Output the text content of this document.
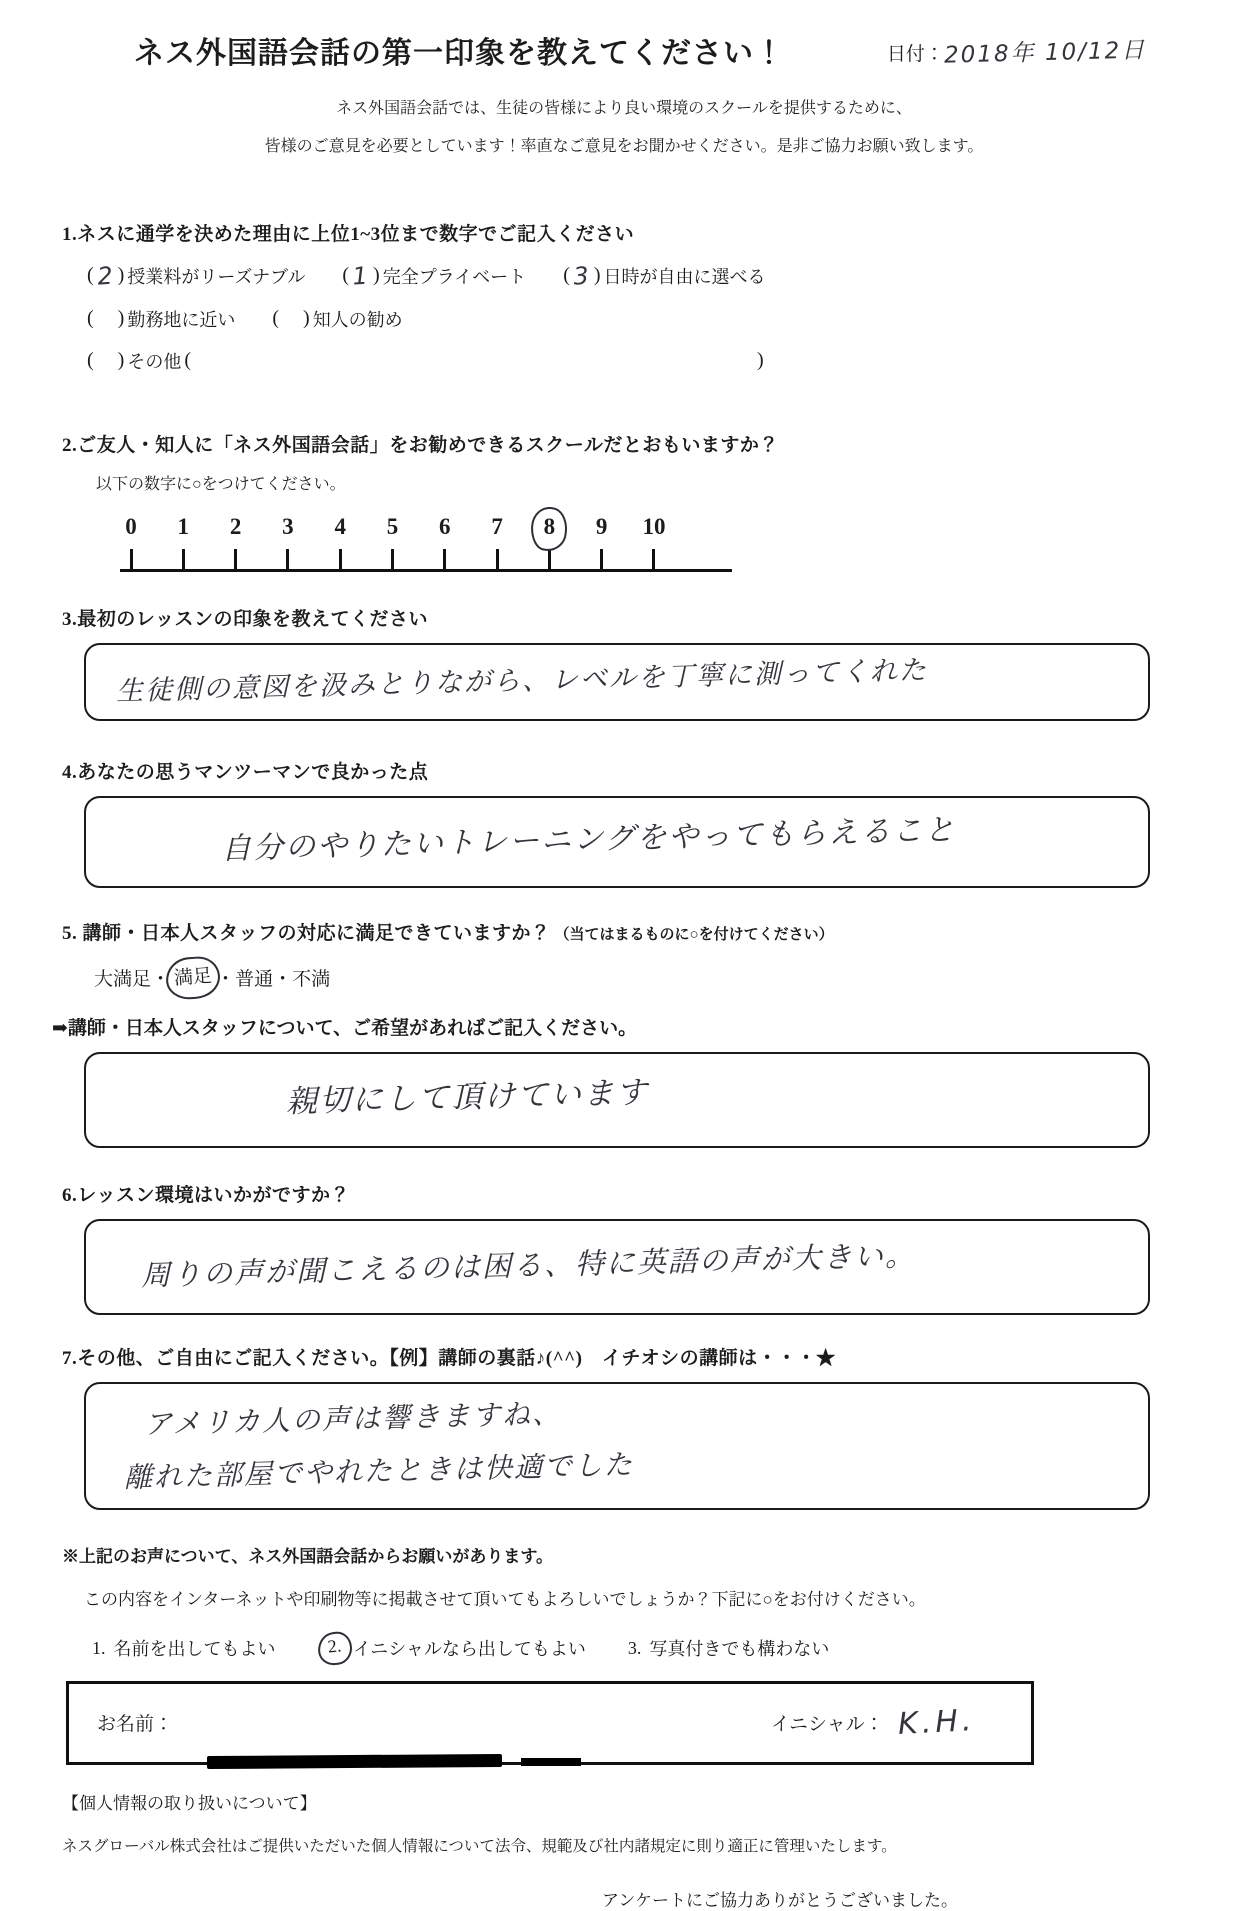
ネス外国語会話の第一印象を教えてください！	日付：2018年 10/12日
ネス外国語会話では、生徒の皆様により良い環境のスクールを提供するために、
皆様のご意見を必要としています！率直なご意見をお聞かせください。是非ご協力お願い致します。
1.ネスに通学を決めた理由に上位1~3位まで数字でご記入ください
( 2 ) 授業料がリーズナブル ( 1 ) 完全プライベート ( 3 ) 日時が自由に選べる
( ) 勤務地に近い ( ) 知人の勧め
( ) その他 (	)
2.ご友人・知人に「ネス外国語会話」をお勧めできるスクールだとおもいますか？
以下の数字に○をつけてください。
0 1 2 3 4 5 6 7 8 9 10
3.最初のレッスンの印象を教えてください
生徒側の意図を汲みとりながら、レベルを丁寧に測ってくれた
4.あなたの思うマンツーマンで良かった点
自分のやりたいトレーニングをやってもらえること
5. 講師・日本人スタッフの対応に満足できていますか？ （当てはまるものに○を付けてください）
大満足 ・ 満足 ・ 普通 ・ 不満
➡講師・日本人スタッフについて、ご希望があればご記入ください。
親切にして頂けています
6.レッスン環境はいかがですか？
周りの声が聞こえるのは困る、特に英語の声が大きい。
7.その他、ご自由にご記入ください。【例】講師の裏話♪(^^)　イチオシの講師は・・・★
アメリカ人の声は響きますね、
離れた部屋でやれたときは快適でした
※上記のお声について、ネス外国語会話からお願いがあります。
この内容をインターネットや印刷物等に掲載させて頂いてもよろしいでしょうか？下記に○をお付けください。
1. 名前を出してもよい	2. イニシャルなら出してもよい 3. 写真付きでも構わない
お名前：	イニシャル： K.H.
【個人情報の取り扱いについて】
ネスグローバル株式会社はご提供いただいた個人情報について法令、規範及び社内諸規定に則り適正に管理いたします。
アンケートにご協力ありがとうございました。
